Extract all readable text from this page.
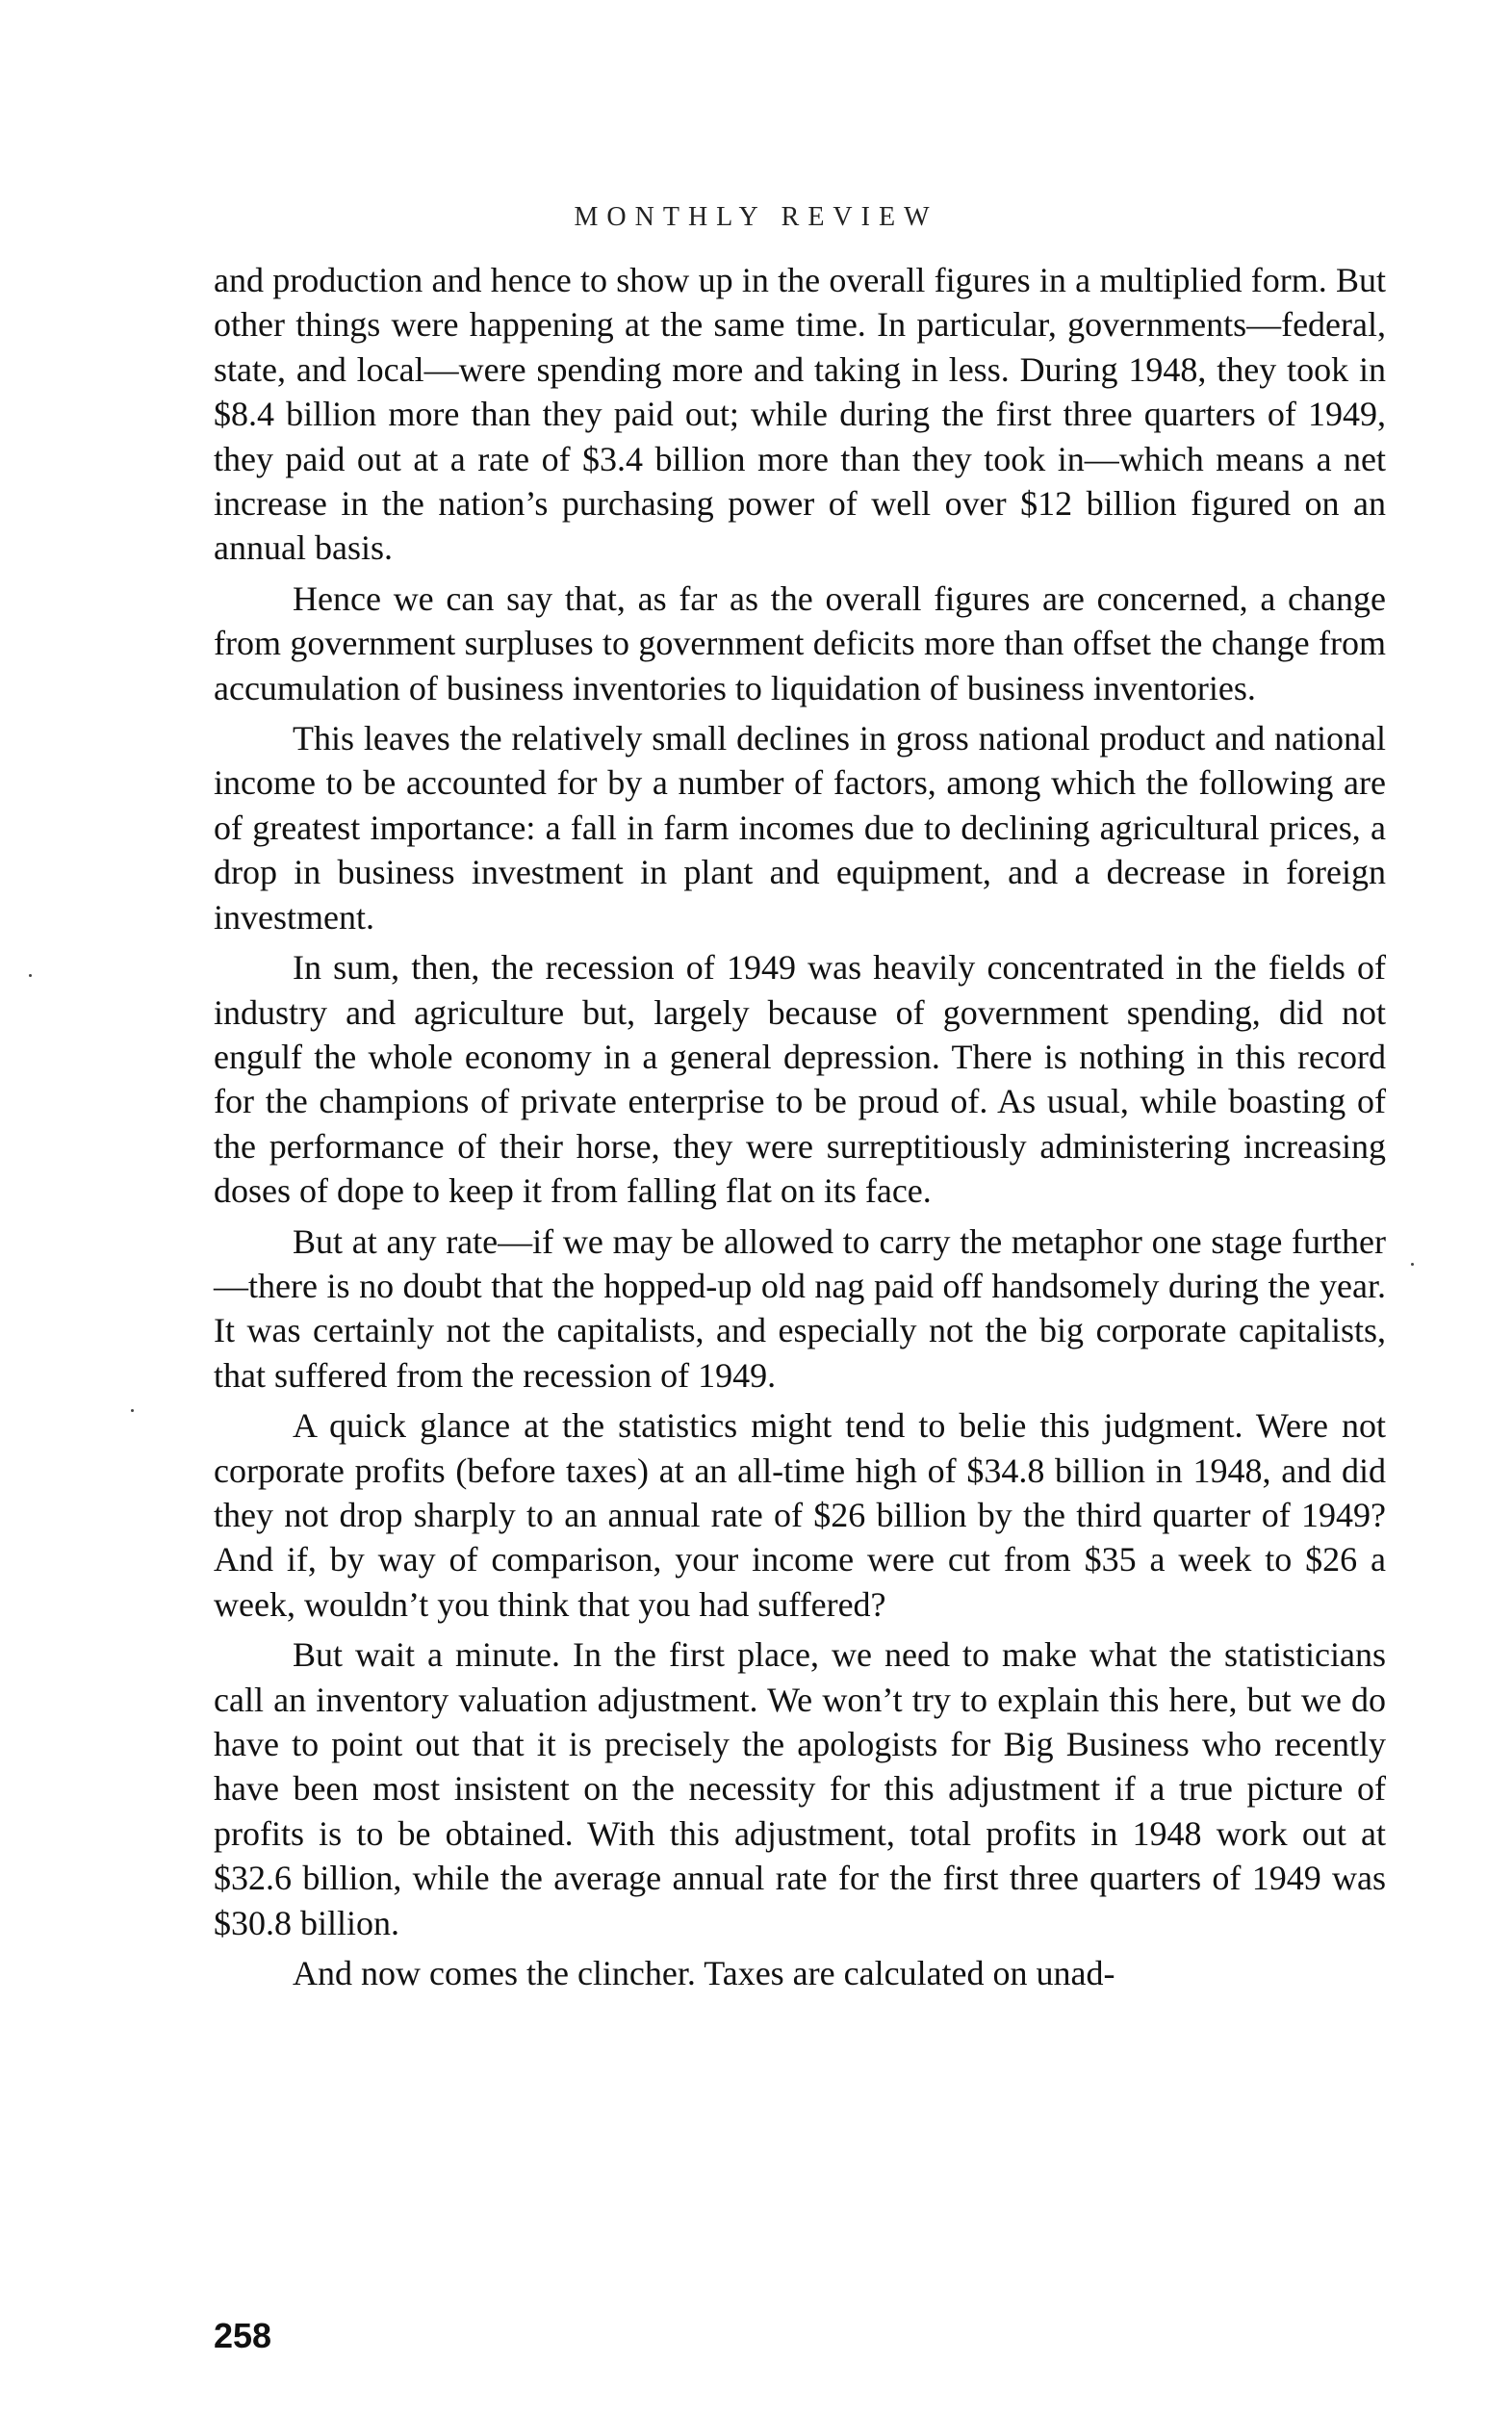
MONTHLY REVIEW

and production and hence to show up in the overall figures in a multiplied form. But other things were happening at the same time. In particular, governments—federal, state, and local—were spending more and taking in less. During 1948, they took in $8.4 billion more than they paid out; while during the first three quarters of 1949, they paid out at a rate of $3.4 billion more than they took in—which means a net increase in the nation’s purchasing power of well over $12 billion figured on an annual basis.

Hence we can say that, as far as the overall figures are concerned, a change from government surpluses to government deficits more than offset the change from accumulation of business inventories to liquidation of business inventories.

This leaves the relatively small declines in gross national product and national income to be accounted for by a number of factors, among which the following are of greatest importance: a fall in farm incomes due to declining agricultural prices, a drop in business investment in plant and equipment, and a decrease in foreign investment.

In sum, then, the recession of 1949 was heavily concentrated in the fields of industry and agriculture but, largely because of government spending, did not engulf the whole economy in a general depression. There is nothing in this record for the champions of private enterprise to be proud of. As usual, while boasting of the performance of their horse, they were surreptitiously administering increasing doses of dope to keep it from falling flat on its face.

But at any rate—if we may be allowed to carry the metaphor one stage further—there is no doubt that the hopped-up old nag paid off handsomely during the year. It was certainly not the capitalists, and especially not the big corporate capitalists, that suffered from the recession of 1949.

A quick glance at the statistics might tend to belie this judgment. Were not corporate profits (before taxes) at an all-time high of $34.8 billion in 1948, and did they not drop sharply to an annual rate of $26 billion by the third quarter of 1949? And if, by way of comparison, your income were cut from $35 a week to $26 a week, wouldn’t you think that you had suffered?

But wait a minute. In the first place, we need to make what the statisticians call an inventory valuation adjustment. We won’t try to explain this here, but we do have to point out that it is precisely the apologists for Big Business who recently have been most insistent on the necessity for this adjustment if a true picture of profits is to be obtained. With this adjustment, total profits in 1948 work out at $32.6 billion, while the average annual rate for the first three quarters of 1949 was $30.8 billion.

And now comes the clincher. Taxes are calculated on unad-

258
